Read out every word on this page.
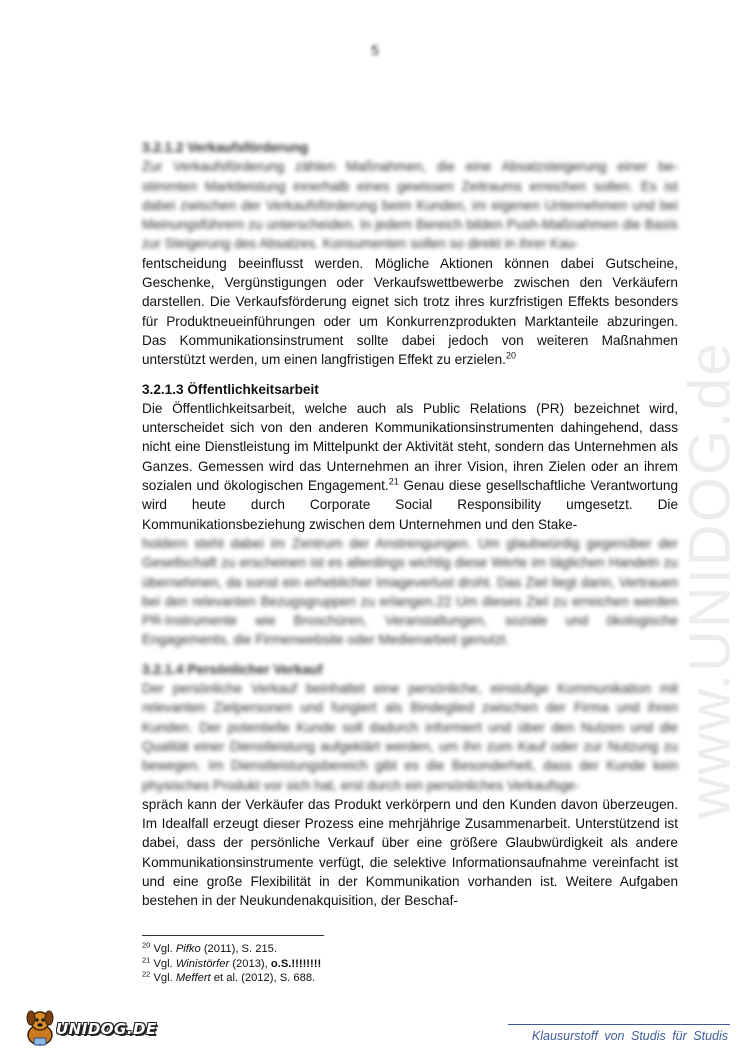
5
www.UNIDOG.de
3.2.1.2 Verkaufsförderung
Zur Verkaufsförderung zählen Maßnahmen, die eine Absatzsteigerung einer be- stimmten Marktleistung innerhalb eines gewissen Zeitraums erreichen sollen. Es ist dabei zwischen der Verkaufsförderung beim Kunden, im eigenen Unternehmen und bei Meinungsführern zu unterscheiden. In jedem Bereich bilden Push-Maßnahmen die Basis zur Steigerung des Absatzes. Konsumenten sollen so direkt in ihrer Kau-

fentscheidung beeinflusst werden. Mögliche Aktionen können dabei Gutscheine, Geschenke, Vergünstigungen oder Verkaufswettbewerbe zwischen den Verkäufern darstellen. Die Verkaufsförderung eignet sich trotz ihres kurzfristigen Effekts besonders für Produktneueinführungen oder um Konkurrenzprodukten Marktanteile abzuringen. Das Kommunikationsinstrument sollte dabei jedoch von weiteren Maßnahmen unterstützt werden, um einen langfristigen Effekt zu erzielen.$^{20}$

3.2.1.3 Öffentlichkeitsarbeit

Die Öffentlichkeitsarbeit, welche auch als Public Relations (PR) bezeichnet wird, unterscheidet sich von den anderen Kommunikationsinstrumenten dahingehend, dass nicht eine Dienstleistung im Mittelpunkt der Aktivität steht, sondern das Unternehmen als Ganzes. Gemessen wird das Unternehmen an ihrer Vision, ihren Zielen oder an ihrem sozialen und ökologischen Engagement.$^{21}$ Genau diese gesellschaftliche Verantwortung wird heute durch Corporate Social Responsibility umgesetzt. Die Kommunikationsbeziehung zwischen dem Unternehmen und den Stake-

holdern steht dabei im Zentrum der Anstrengungen. Um glaubwürdig gegenüber der Gesellschaft zu erscheinen ist es allerdings wichtig diese Werte im täglichen Handeln zu übernehmen, da sonst ein erheblicher Imageverlust droht. Das Ziel liegt darin, Vertrauen bei den relevanten Bezugsgruppen zu erlangen.22 Um dieses Ziel zu erreichen werden PR-Instrumente wie Broschüren, Veranstaltungen, soziale und ökologische Engagements, die Firmenwebsite oder Medienarbeit genutzt.
3.2.1.4 Persönlicher Verkauf
Der persönliche Verkauf beinhaltet eine persönliche, einstufige Kommunikation mit relevanten Zielpersonen und fungiert als Bindeglied zwischen der Firma und ihren Kunden. Der potentielle Kunde soll dadurch informiert und über den Nutzen und die Qualität einer Dienstleistung aufgeklärt werden, um ihn zum Kauf oder zur Nutzung zu bewegen. Im Dienstleistungsbereich gibt es die Besonderheit, dass der Kunde kein physisches Produkt vor sich hat, erst durch ein persönliches Verkaufsge-

spräch kann der Verkäufer das Produkt verkörpern und den Kunden davon überzeugen. Im Idealfall erzeugt dieser Prozess eine mehrjährige Zusammenarbeit. Unterstützend ist dabei, dass der persönliche Verkauf über eine größere Glaubwürdigkeit als andere Kommunikationsinstrumente verfügt, die selektive Informationsaufnahme vereinfacht ist und eine große Flexibilität in der Kommunikation vorhanden ist. Weitere Aufgaben bestehen in der Neukundenakquisition, der Beschaf-

$^{20}$ Vgl. Pifko (2011), S. 215.
$^{21}$ Vgl. Winistörfer (2013), o.S.!!!!!!!!
$^{22}$ Vgl. Meffert et al. (2012), S. 688.
UNIDOG.DE	Klausurstoff von Studis für Studis
